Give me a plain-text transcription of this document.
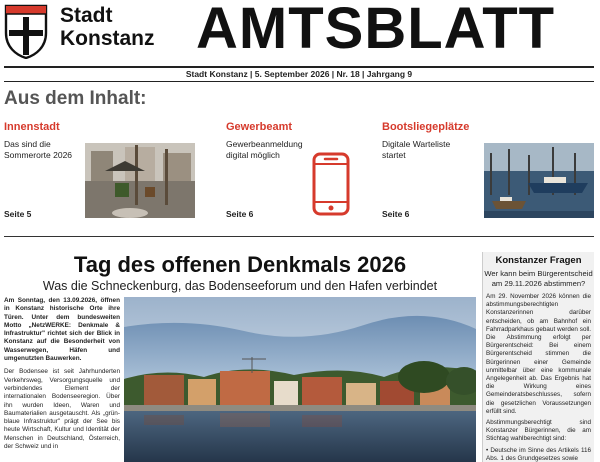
Stadt
Konstanz AMTSBLATT
Stadt Konstanz | 5. September 2026 | Nr. 18 | Jahrgang 9
Aus dem Inhalt:
Innenstadt
Das sind die Sommerorte 2026
Seite 5
Gewerbeamt
Gewerbeanmeldung digital möglich
Seite 6
Bootsliegeplätze
Digitale Warteliste startet
Seite 6
Tag des offenen Denkmals 2026
Was die Schneckenburg, das Bodenseeforum und den Hafen verbindet

Am Sonntag, den 13.09.2026, öffnen in Konstanz historische Orte ihre Türen. Unter dem bundesweiten Motto „NetzWERKE: Denkmale & Infrastruktur" richtet sich der Blick in Konstanz auf die Besonderheit von Wasserwegen, Häfen und umgenutzten Bauwerken.

Der Bodensee ist seit Jahrhunderten Verkehrsweg, Versorgungsquelle und verbindendes Element der internationalen Bodenseeregion. Über ihn wurden Ideen, Waren und Baumaterialien ausgetauscht. Als „grün-blaue Infrastruktur" prägt der See bis heute Wirtschaft, Kultur und Identität der Menschen in Deutschland, Österreich, der Schweiz und in

Konstanzer Fragen
Wer kann beim Bürgerentscheid am 29.11.2026 abstimmen?

Am 29. November 2026 können die abstimmungsberechtigten Konstanzerinnen darüber entscheiden, ob am Bahnhof ein Fahrradparkhaus gebaut werden soll. Die Abstimmung erfolgt per Bürgerentscheid: Bei einem Bürgerentscheid stimmen die Bürgerinnen einer Gemeinde unmittelbar über eine kommunale Angelegenheit ab. Das Ergebnis hat die Wirkung eines Gemeinderatsbeschlusses, sofern die gesetzlichen Voraussetzungen erfüllt sind.

Abstimmungsberechtigt sind Konstanzer Bürgerinnen, die am Stichtag wahlberechtigt sind:

• Deutsche im Sinne des Artikels 116 Abs. 1 des Grundgesetzes sowie
